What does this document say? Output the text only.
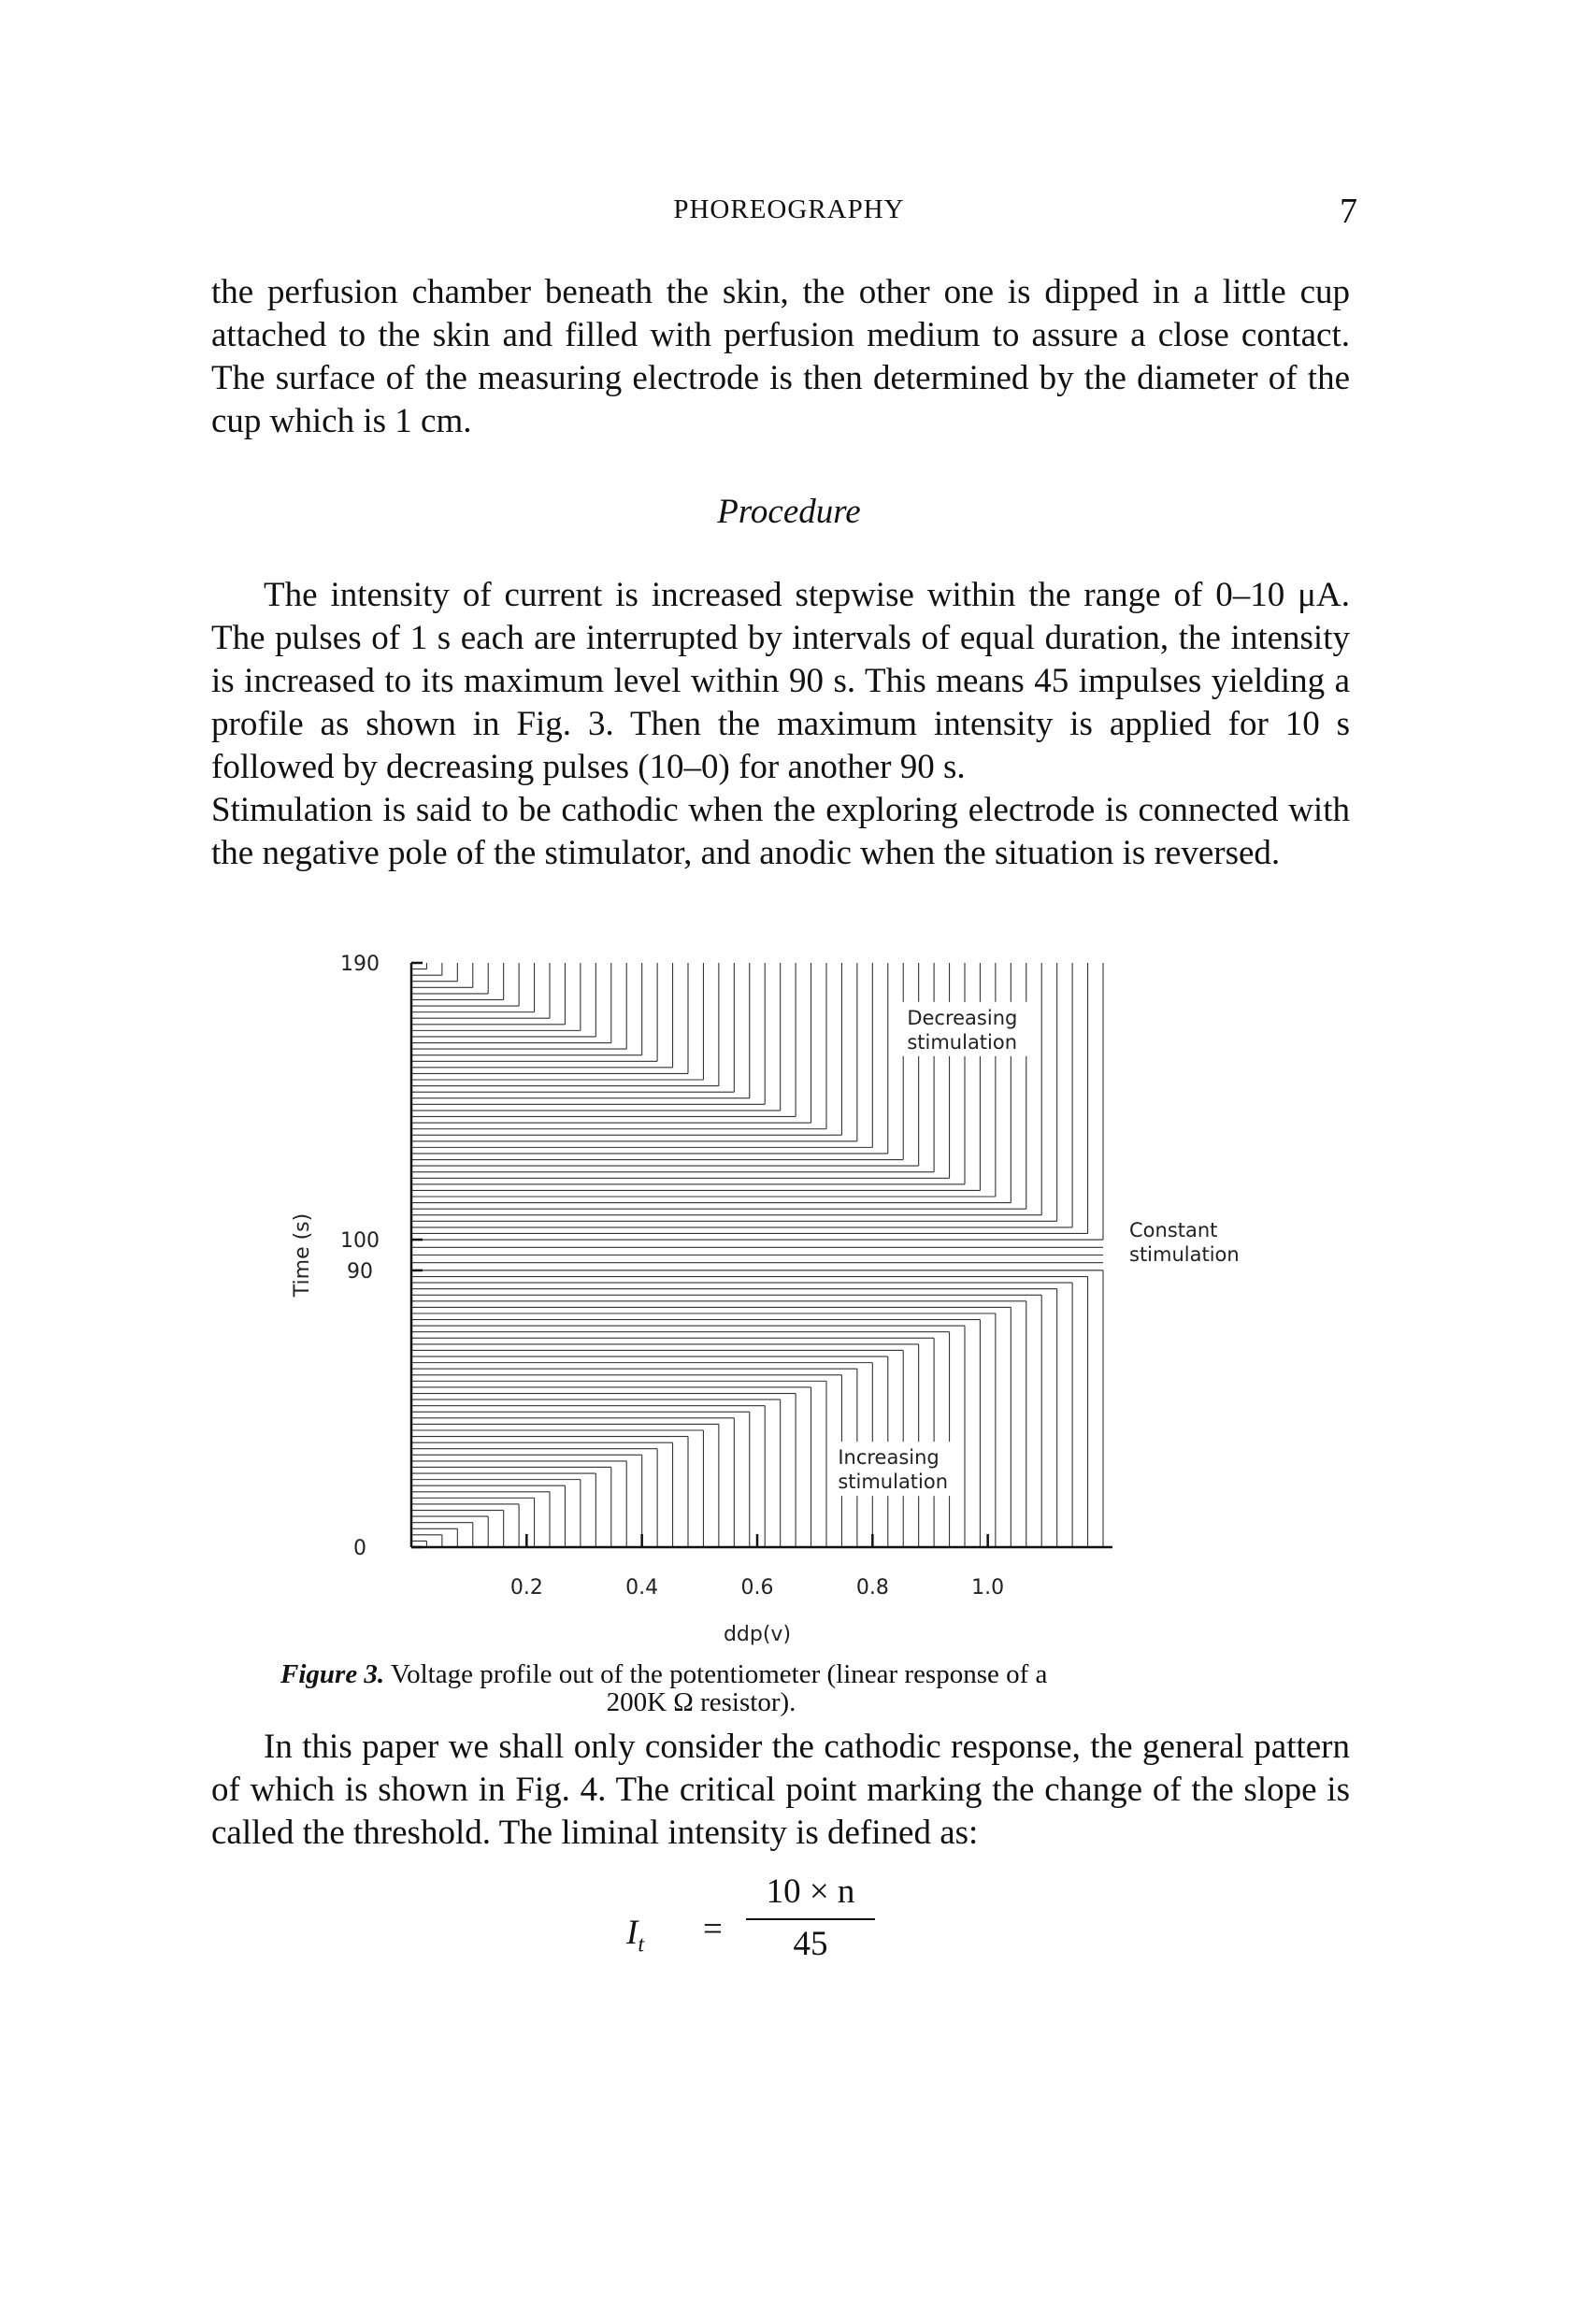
PHOREOGRAPHY	7

the perfusion chamber beneath the skin, the other one is dipped in a little cup attached to the skin and filled with perfusion medium to assure a close contact. The surface of the measuring electrode is then determined by the diameter of the cup which is 1 cm.

Procedure

The intensity of current is increased stepwise within the range of 0–10 μA. The pulses of 1 s each are interrupted by intervals of equal duration, the intensity is increased to its maximum level within 90 s. This means 45 impulses yielding a profile as shown in Fig. 3. Then the maximum intensity is applied for 10 s followed by decreasing pulses (10–0) for another 90 s.

Stimulation is said to be cathodic when the exploring electrode is connected with the negative pole of the stimulator, and anodic when the situation is reversed.

0.2	0.4	0.6	0.8	1.0
0
90
100
190
ddp(v)
Time (s)
Decreasing
stimulation
Constant
stimulation
Increasing
stimulation
Figure 3. Voltage profile out of the potentiometer (linear response of a
200K Ω resistor).

In this paper we shall only consider the cathodic response, the general pattern of which is shown in Fig. 4. The critical point marking the change of the slope is called the threshold. The liminal intensity is defined as:

$I_t$ =
10 × n
45
